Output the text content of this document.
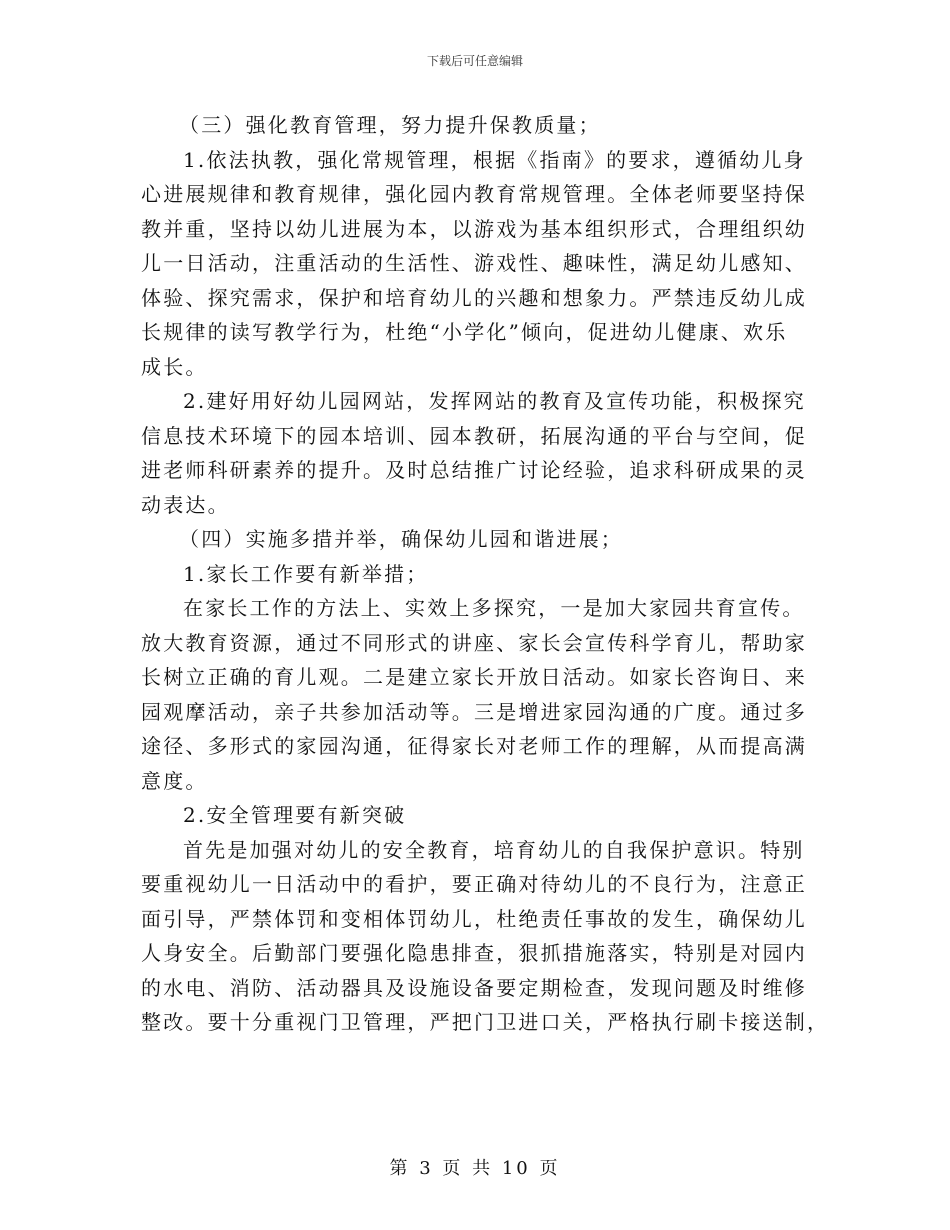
下载后可任意编辑

（三）强化教育管理，努力提升保教质量；
1.依法执教，强化常规管理，根据《指南》的要求，遵循幼儿身
心进展规律和教育规律，强化园内教育常规管理。全体老师要坚持保
教并重，坚持以幼儿进展为本，以游戏为基本组织形式，合理组织幼
儿一日活动，注重活动的生活性、游戏性、趣味性，满足幼儿感知、
体验、探究需求，保护和培育幼儿的兴趣和想象力。严禁违反幼儿成
长规律的读写教学行为，杜绝“小学化”倾向，促进幼儿健康、欢乐
成长。
2.建好用好幼儿园网站，发挥网站的教育及宣传功能，积极探究
信息技术环境下的园本培训、园本教研，拓展沟通的平台与空间，促
进老师科研素养的提升。及时总结推广讨论经验，追求科研成果的灵
动表达。
（四）实施多措并举，确保幼儿园和谐进展；
1.家长工作要有新举措；
在家长工作的方法上、实效上多探究，一是加大家园共育宣传。
放大教育资源，通过不同形式的讲座、家长会宣传科学育儿，帮助家
长树立正确的育儿观。二是建立家长开放日活动。如家长咨询日、来
园观摩活动，亲子共参加活动等。三是增进家园沟通的广度。通过多
途径、多形式的家园沟通，征得家长对老师工作的理解，从而提高满
意度。
2.安全管理要有新突破
首先是加强对幼儿的安全教育，培育幼儿的自我保护意识。特别
要重视幼儿一日活动中的看护，要正确对待幼儿的不良行为，注意正
面引导，严禁体罚和变相体罚幼儿，杜绝责任事故的发生，确保幼儿
人身安全。后勤部门要强化隐患排查，狠抓措施落实，特别是对园内
的水电、消防、活动器具及设施设备要定期检查，发现问题及时维修
整改。要十分重视门卫管理，严把门卫进口关，严格执行刷卡接送制，

第 3 页 共 10 页
